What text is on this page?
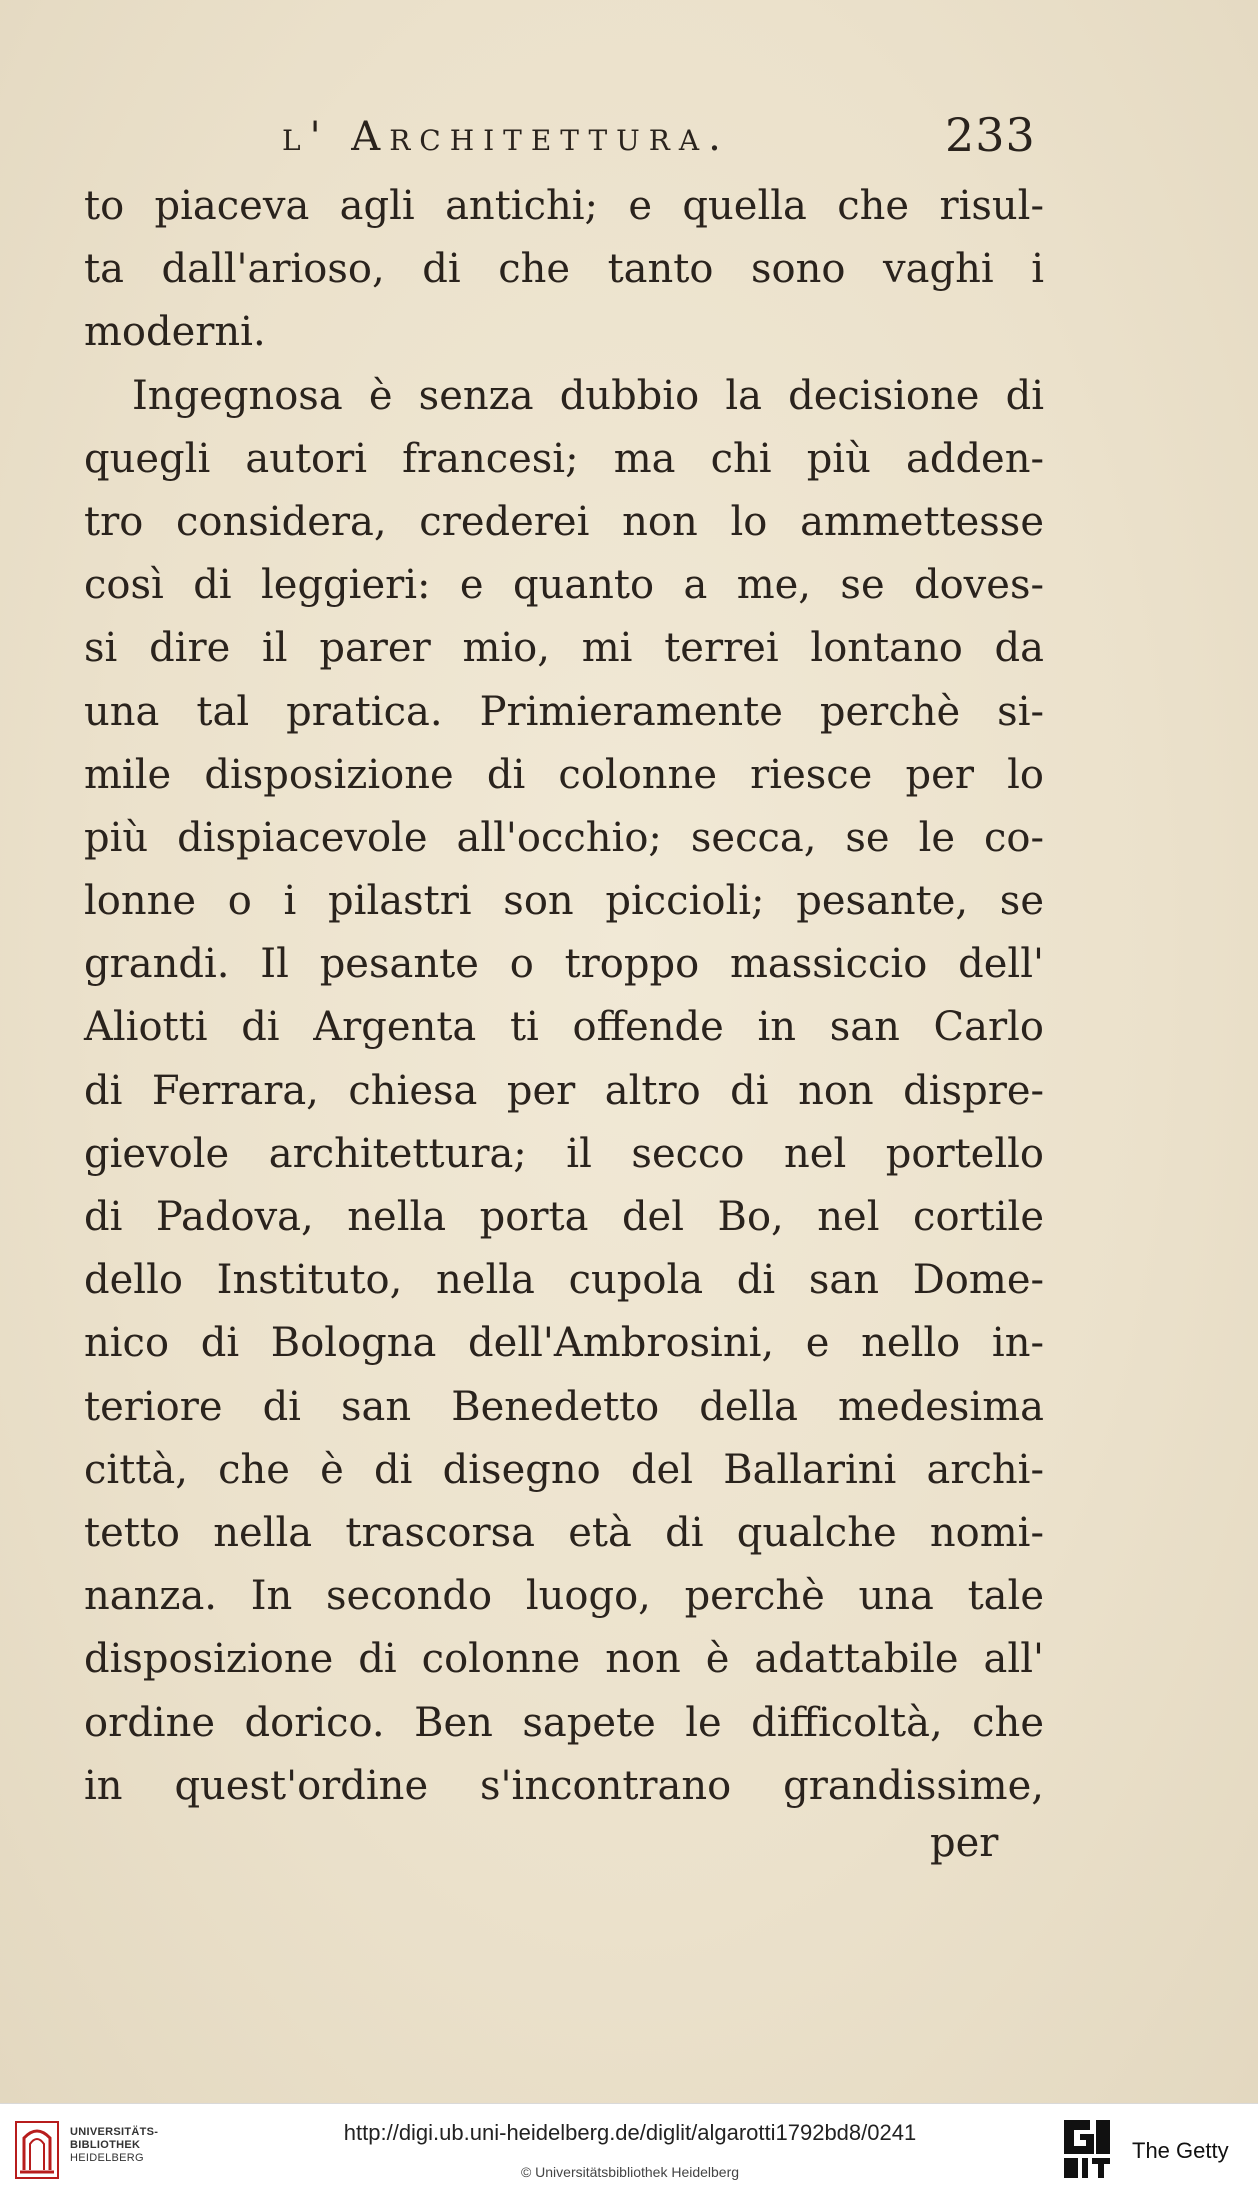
l' Architettura.	233
to piaceva agli antichi; e quella che risul-
ta dall'arioso, di che tanto sono vaghi i
moderni.
Ingegnosa è senza dubbio la decisione di
quegli autori francesi; ma chi più adden-
tro considera, crederei non lo ammettesse
così di leggieri: e quanto a me, se doves-
si dire il parer mio, mi terrei lontano da
una tal pratica. Primieramente perchè si-
mile disposizione di colonne riesce per lo
più dispiacevole all'occhio; secca, se le co-
lonne o i pilastri son piccioli; pesante, se
grandi. Il pesante o troppo massiccio dell'
Aliotti di Argenta ti offende in san Carlo
di Ferrara, chiesa per altro di non dispre-
gievole architettura; il secco nel portello
di Padova, nella porta del Bo, nel cortile
dello Instituto, nella cupola di san Dome-
nico di Bologna dell'Ambrosini, e nello in-
teriore di san Benedetto della medesima
città, che è di disegno del Ballarini archi-
tetto nella trascorsa età di qualche nomi-
nanza. In secondo luogo, perchè una tale
disposizione di colonne non è adattabile all'
ordine dorico. Ben sapete le difficoltà, che
in quest'ordine s'incontrano grandissime,
per
UNIVERSITÄTS-
BIBLIOTHEK
HEIDELBERG
http://digi.ub.uni-heidelberg.de/diglit/algarotti1792bd8/0241
© Universitätsbibliothek Heidelberg
The Getty
